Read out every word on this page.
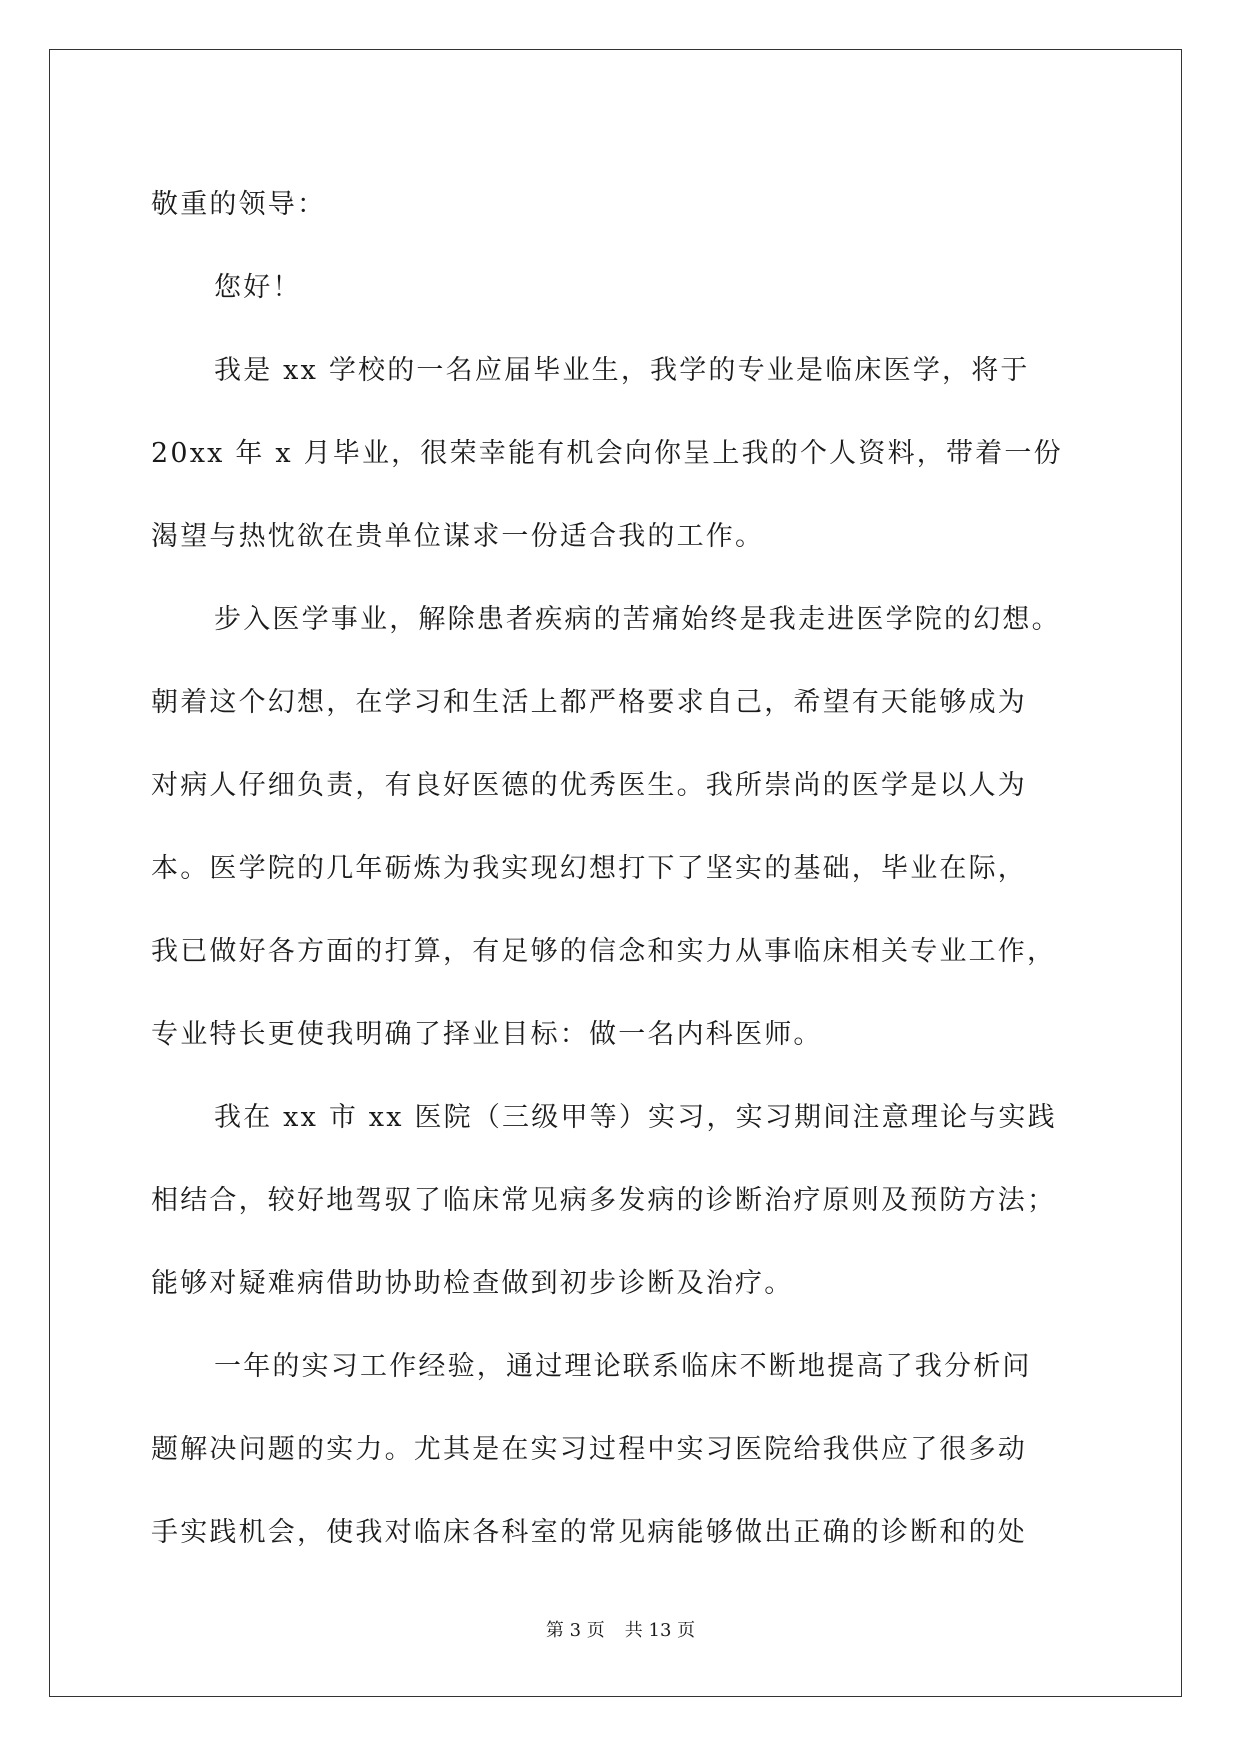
敬重的领导：
您好！
我是 xx 学校的一名应届毕业生，我学的专业是临床医学，将于
20xx 年 x 月毕业，很荣幸能有机会向你呈上我的个人资料，带着一份
渴望与热忱欲在贵单位谋求一份适合我的工作。
步入医学事业，解除患者疾病的苦痛始终是我走进医学院的幻想。
朝着这个幻想，在学习和生活上都严格要求自己，希望有天能够成为
对病人仔细负责，有良好医德的优秀医生。我所崇尚的医学是以人为
本。医学院的几年砺炼为我实现幻想打下了坚实的基础，毕业在际，
我已做好各方面的打算，有足够的信念和实力从事临床相关专业工作，
专业特长更使我明确了择业目标：做一名内科医师。
我在 xx 市 xx 医院（三级甲等）实习，实习期间注意理论与实践
相结合，较好地驾驭了临床常见病多发病的诊断治疗原则及预防方法；
能够对疑难病借助协助检查做到初步诊断及治疗。
一年的实习工作经验，通过理论联系临床不断地提高了我分析问
题解决问题的实力。尤其是在实习过程中实习医院给我供应了很多动
手实践机会，使我对临床各科室的常见病能够做出正确的诊断和的处
第 3 页 共 13 页
